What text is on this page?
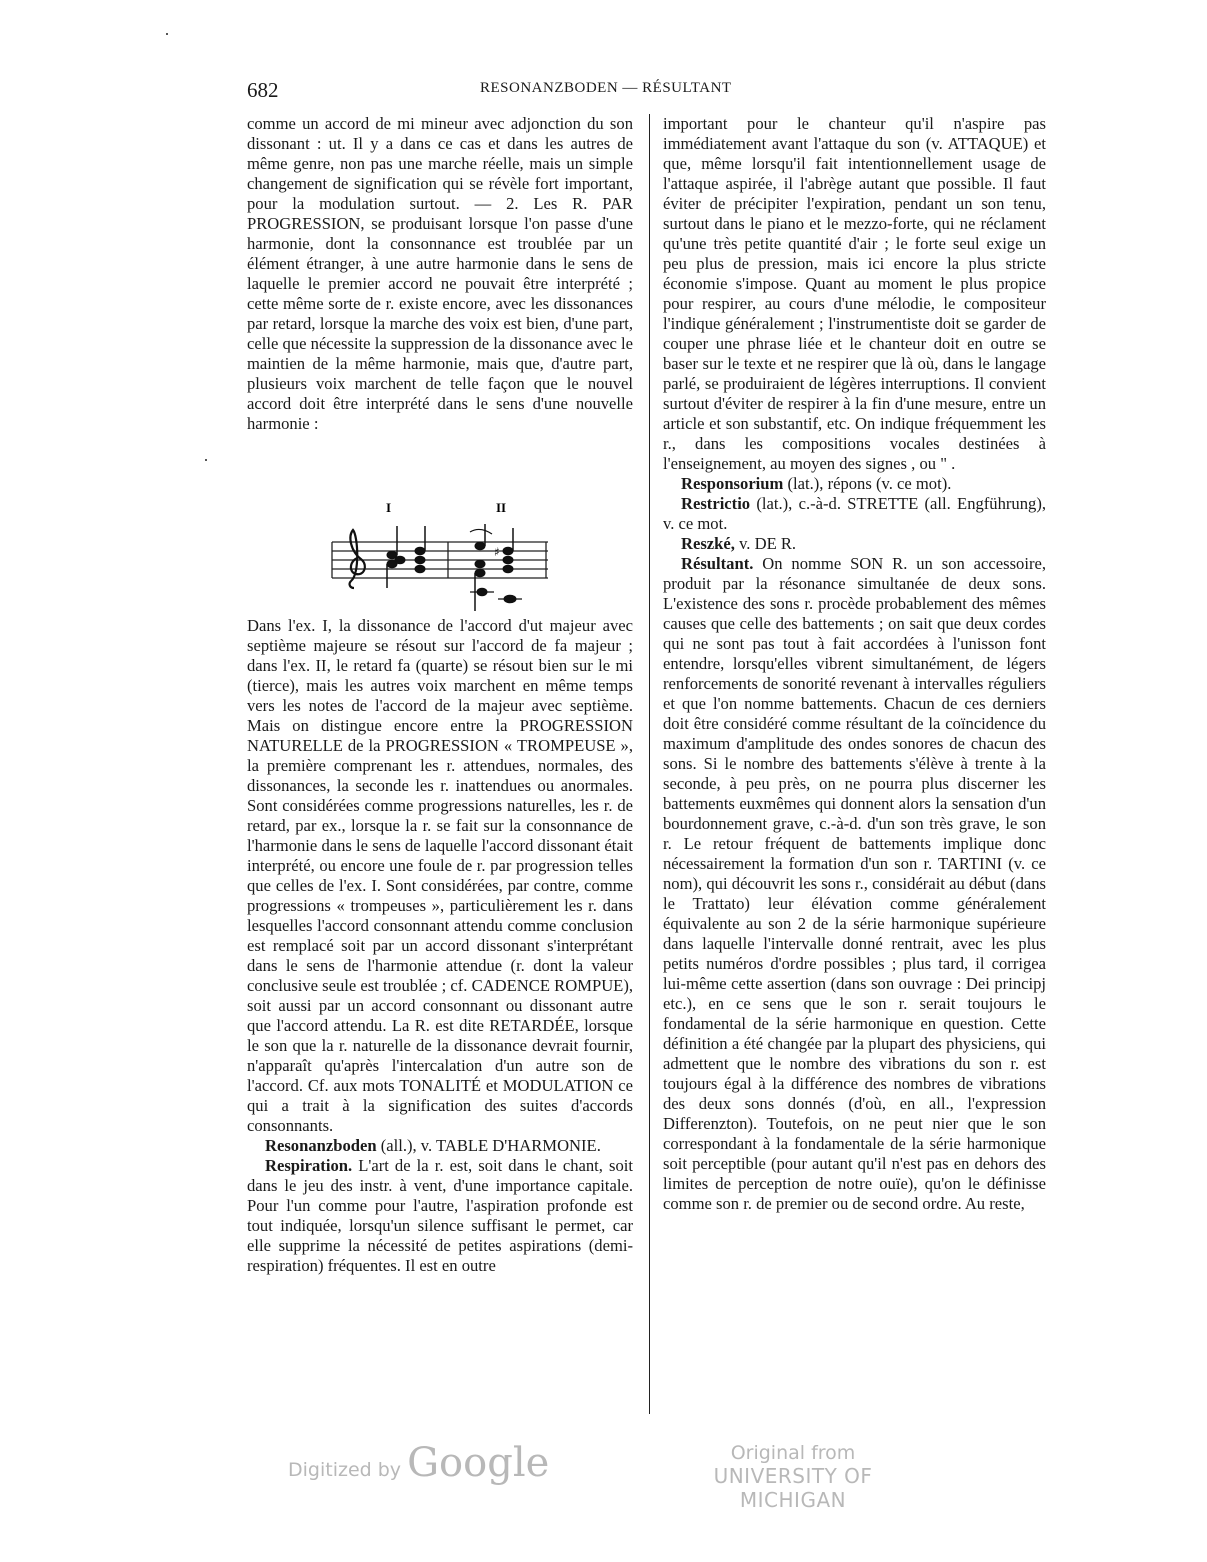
682	RESONANZBODEN — RÉSULTANT

comme un accord de mi mineur avec adjonction du son dissonant : ut. Il y a dans ce cas et dans les autres de même genre, non pas une marche réelle, mais un simple changement de signification qui se révèle fort important, pour la modulation surtout. — 2. Les R. PAR PROGRESSION, se produisant lorsque l'on passe d'une harmonie, dont la consonnance est troublée par un élément étranger, à une autre harmonie dans le sens de laquelle le premier accord ne pouvait être interprété ; cette même sorte de r. existe encore, avec les dissonances par retard, lorsque la marche des voix est bien, d'une part, celle que nécessite la suppression de la dissonance avec le maintien de la même harmonie, mais que, d'autre part, plusieurs voix marchent de telle façon que le nouvel accord doit être interprété dans le sens d'une nouvelle harmonie :

Dans l'ex. I, la dissonance de l'accord d'ut majeur avec septième majeure se résout sur l'accord de fa majeur ; dans l'ex. II, le retard fa (quarte) se résout bien sur le mi (tierce), mais les autres voix marchent en même temps vers les notes de l'accord de la majeur avec septième. Mais on distingue encore entre la PROGRESSION NATURELLE de la PROGRESSION « TROMPEUSE », la première comprenant les r. attendues, normales, des dissonances, la seconde les r. inattendues ou anormales. Sont considérées comme progressions naturelles, les r. de retard, par ex., lorsque la r. se fait sur la consonnance de l'harmonie dans le sens de laquelle l'accord dissonant était interprété, ou encore une foule de r. par progression telles que celles de l'ex. I. Sont considérées, par contre, comme progressions « trompeuses », particulièrement les r. dans lesquelles l'accord consonnant attendu comme conclusion est remplacé soit par un accord dissonant s'interprétant dans le sens de l'harmonie attendue (r. dont la valeur conclusive seule est troublée ; cf. CADENCE ROMPUE), soit aussi par un accord consonnant ou dissonant autre que l'accord attendu. La R. est dite RETARDÉE, lorsque le son que la r. naturelle de la dissonance devrait fournir, n'apparaît qu'après l'intercalation d'un autre son de l'accord. Cf. aux mots TONALITÉ et MODULATION ce qui a trait à la signification des suites d'accords consonnants.

Resonanzboden (all.), v. TABLE D'HARMONIE.

Respiration. L'art de la r. est, soit dans le chant, soit dans le jeu des instr. à vent, d'une importance capitale. Pour l'un comme pour l'autre, l'aspiration profonde est tout indiquée, lorsqu'un silence suffisant le permet, car elle supprime la nécessité de petites aspirations (demi-respiration) fréquentes. Il est en outre

I	II
♯

important pour le chanteur qu'il n'aspire pas immédiatement avant l'attaque du son (v. ATTAQUE) et que, même lorsqu'il fait intentionnellement usage de l'attaque aspirée, il l'abrège autant que possible. Il faut éviter de précipiter l'expiration, pendant un son tenu, surtout dans le piano et le mezzo-forte, qui ne réclament qu'une très petite quantité d'air ; le forte seul exige un peu plus de pression, mais ici encore la plus stricte économie s'impose. Quant au moment le plus propice pour respirer, au cours d'une mélodie, le compositeur l'indique généralement ; l'instrumentiste doit se garder de couper une phrase liée et le chanteur doit en outre se baser sur le texte et ne respirer que là où, dans le langage parlé, se produiraient de légères interruptions. Il convient surtout d'éviter de respirer à la fin d'une mesure, entre un article et son substantif, etc. On indique fréquemment les r., dans les compositions vocales destinées à l'enseignement, au moyen des signes , ou " .

Responsorium (lat.), répons (v. ce mot).

Restrictio (lat.), c.-à-d. STRETTE (all. Engführung), v. ce mot.

Reszké, v. DE R.

Résultant. On nomme SON R. un son accessoire, produit par la résonance simultanée de deux sons. L'existence des sons r. procède probablement des mêmes causes que celle des battements ; on sait que deux cordes qui ne sont pas tout à fait accordées à l'unisson font entendre, lorsqu'elles vibrent simultanément, de légers renforcements de sonorité revenant à intervalles réguliers et que l'on nomme battements. Chacun de ces derniers doit être considéré comme résultant de la coïncidence du maximum d'amplitude des ondes sonores de chacun des sons. Si le nombre des battements s'élève à trente à la seconde, à peu près, on ne pourra plus discerner les battements euxmêmes qui donnent alors la sensation d'un bourdonnement grave, c.-à-d. d'un son très grave, le son r. Le retour fréquent de battements implique donc nécessairement la formation d'un son r. TARTINI (v. ce nom), qui découvrit les sons r., considérait au début (dans le Trattato) leur élévation comme généralement équivalente au son 2 de la série harmonique supérieure dans laquelle l'intervalle donné rentrait, avec les plus petits numéros d'ordre possibles ; plus tard, il corrigea lui-même cette assertion (dans son ouvrage : Dei principj etc.), en ce sens que le son r. serait toujours le fondamental de la série harmonique en question. Cette définition a été changée par la plupart des physiciens, qui admettent que le nombre des vibrations du son r. est toujours égal à la différence des nombres de vibrations des deux sons donnés (d'où, en all., l'expression Differenzton). Toutefois, on ne peut nier que le son correspondant à la fondamentale de la série harmonique soit perceptible (pour autant qu'il n'est pas en dehors des limites de perception de notre ouïe), qu'on le définisse comme son r. de premier ou de second ordre. Au reste,

Digitized by Google	Original from
UNIVERSITY OF MICHIGAN
